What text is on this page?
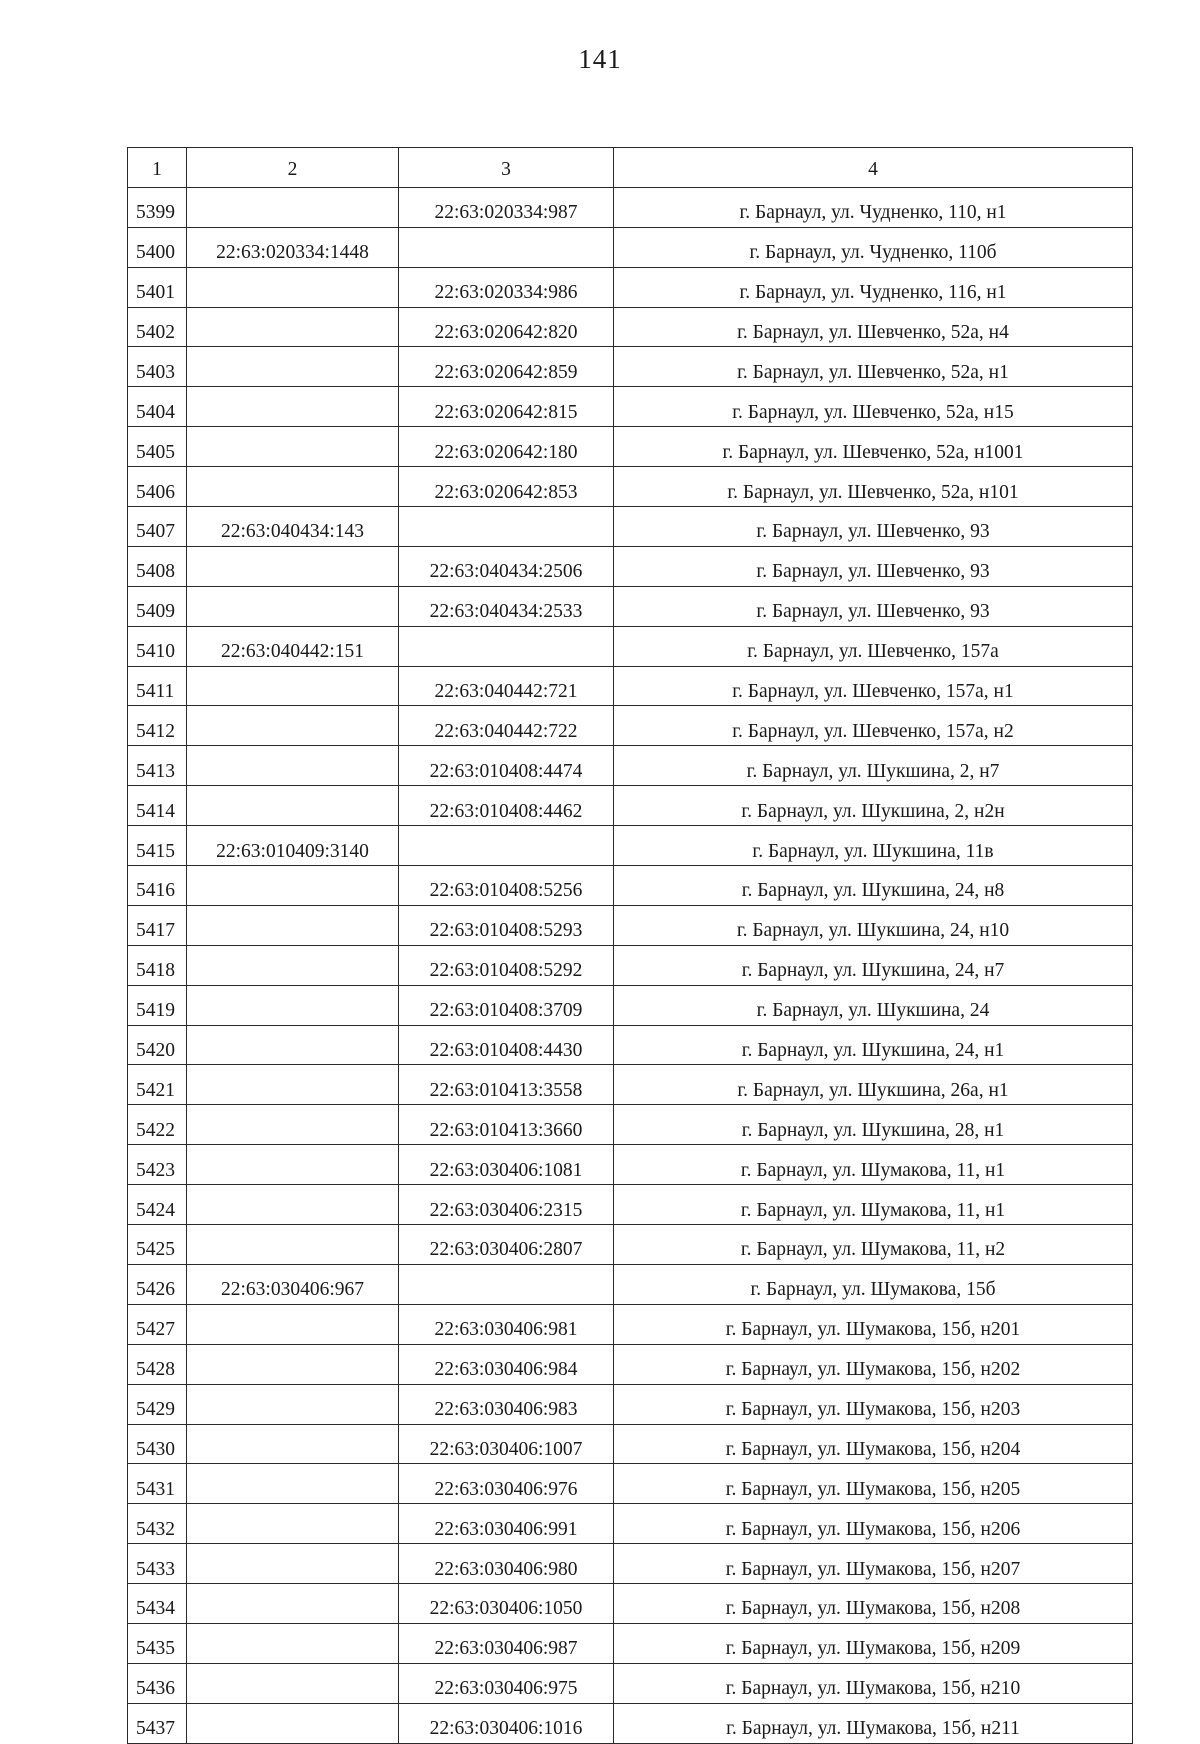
141
1	2	3	4
5399		22:63:020334:987	г. Барнаул, ул. Чудненко, 110, н1
5400	22:63:020334:1448		г. Барнаул, ул. Чудненко, 110б
5401		22:63:020334:986	г. Барнаул, ул. Чудненко, 116, н1
5402		22:63:020642:820	г. Барнаул, ул. Шевченко, 52а, н4
5403		22:63:020642:859	г. Барнаул, ул. Шевченко, 52а, н1
5404		22:63:020642:815	г. Барнаул, ул. Шевченко, 52а, н15
5405		22:63:020642:180	г. Барнаул, ул. Шевченко, 52а, н1001
5406		22:63:020642:853	г. Барнаул, ул. Шевченко, 52а, н101
5407	22:63:040434:143		г. Барнаул, ул. Шевченко, 93
5408		22:63:040434:2506	г. Барнаул, ул. Шевченко, 93
5409		22:63:040434:2533	г. Барнаул, ул. Шевченко, 93
5410	22:63:040442:151		г. Барнаул, ул. Шевченко, 157а
5411		22:63:040442:721	г. Барнаул, ул. Шевченко, 157а, н1
5412		22:63:040442:722	г. Барнаул, ул. Шевченко, 157а, н2
5413		22:63:010408:4474	г. Барнаул, ул. Шукшина, 2, н7
5414		22:63:010408:4462	г. Барнаул, ул. Шукшина, 2, н2н
5415	22:63:010409:3140		г. Барнаул, ул. Шукшина, 11в
5416		22:63:010408:5256	г. Барнаул, ул. Шукшина, 24, н8
5417		22:63:010408:5293	г. Барнаул, ул. Шукшина, 24, н10
5418		22:63:010408:5292	г. Барнаул, ул. Шукшина, 24, н7
5419		22:63:010408:3709	г. Барнаул, ул. Шукшина, 24
5420		22:63:010408:4430	г. Барнаул, ул. Шукшина, 24, н1
5421		22:63:010413:3558	г. Барнаул, ул. Шукшина, 26а, н1
5422		22:63:010413:3660	г. Барнаул, ул. Шукшина, 28, н1
5423		22:63:030406:1081	г. Барнаул, ул. Шумакова, 11, н1
5424		22:63:030406:2315	г. Барнаул, ул. Шумакова, 11, н1
5425		22:63:030406:2807	г. Барнаул, ул. Шумакова, 11, н2
5426	22:63:030406:967		г. Барнаул, ул. Шумакова, 15б
5427		22:63:030406:981	г. Барнаул, ул. Шумакова, 15б, н201
5428		22:63:030406:984	г. Барнаул, ул. Шумакова, 15б, н202
5429		22:63:030406:983	г. Барнаул, ул. Шумакова, 15б, н203
5430		22:63:030406:1007	г. Барнаул, ул. Шумакова, 15б, н204
5431		22:63:030406:976	г. Барнаул, ул. Шумакова, 15б, н205
5432		22:63:030406:991	г. Барнаул, ул. Шумакова, 15б, н206
5433		22:63:030406:980	г. Барнаул, ул. Шумакова, 15б, н207
5434		22:63:030406:1050	г. Барнаул, ул. Шумакова, 15б, н208
5435		22:63:030406:987	г. Барнаул, ул. Шумакова, 15б, н209
5436		22:63:030406:975	г. Барнаул, ул. Шумакова, 15б, н210
5437		22:63:030406:1016	г. Барнаул, ул. Шумакова, 15б, н211
